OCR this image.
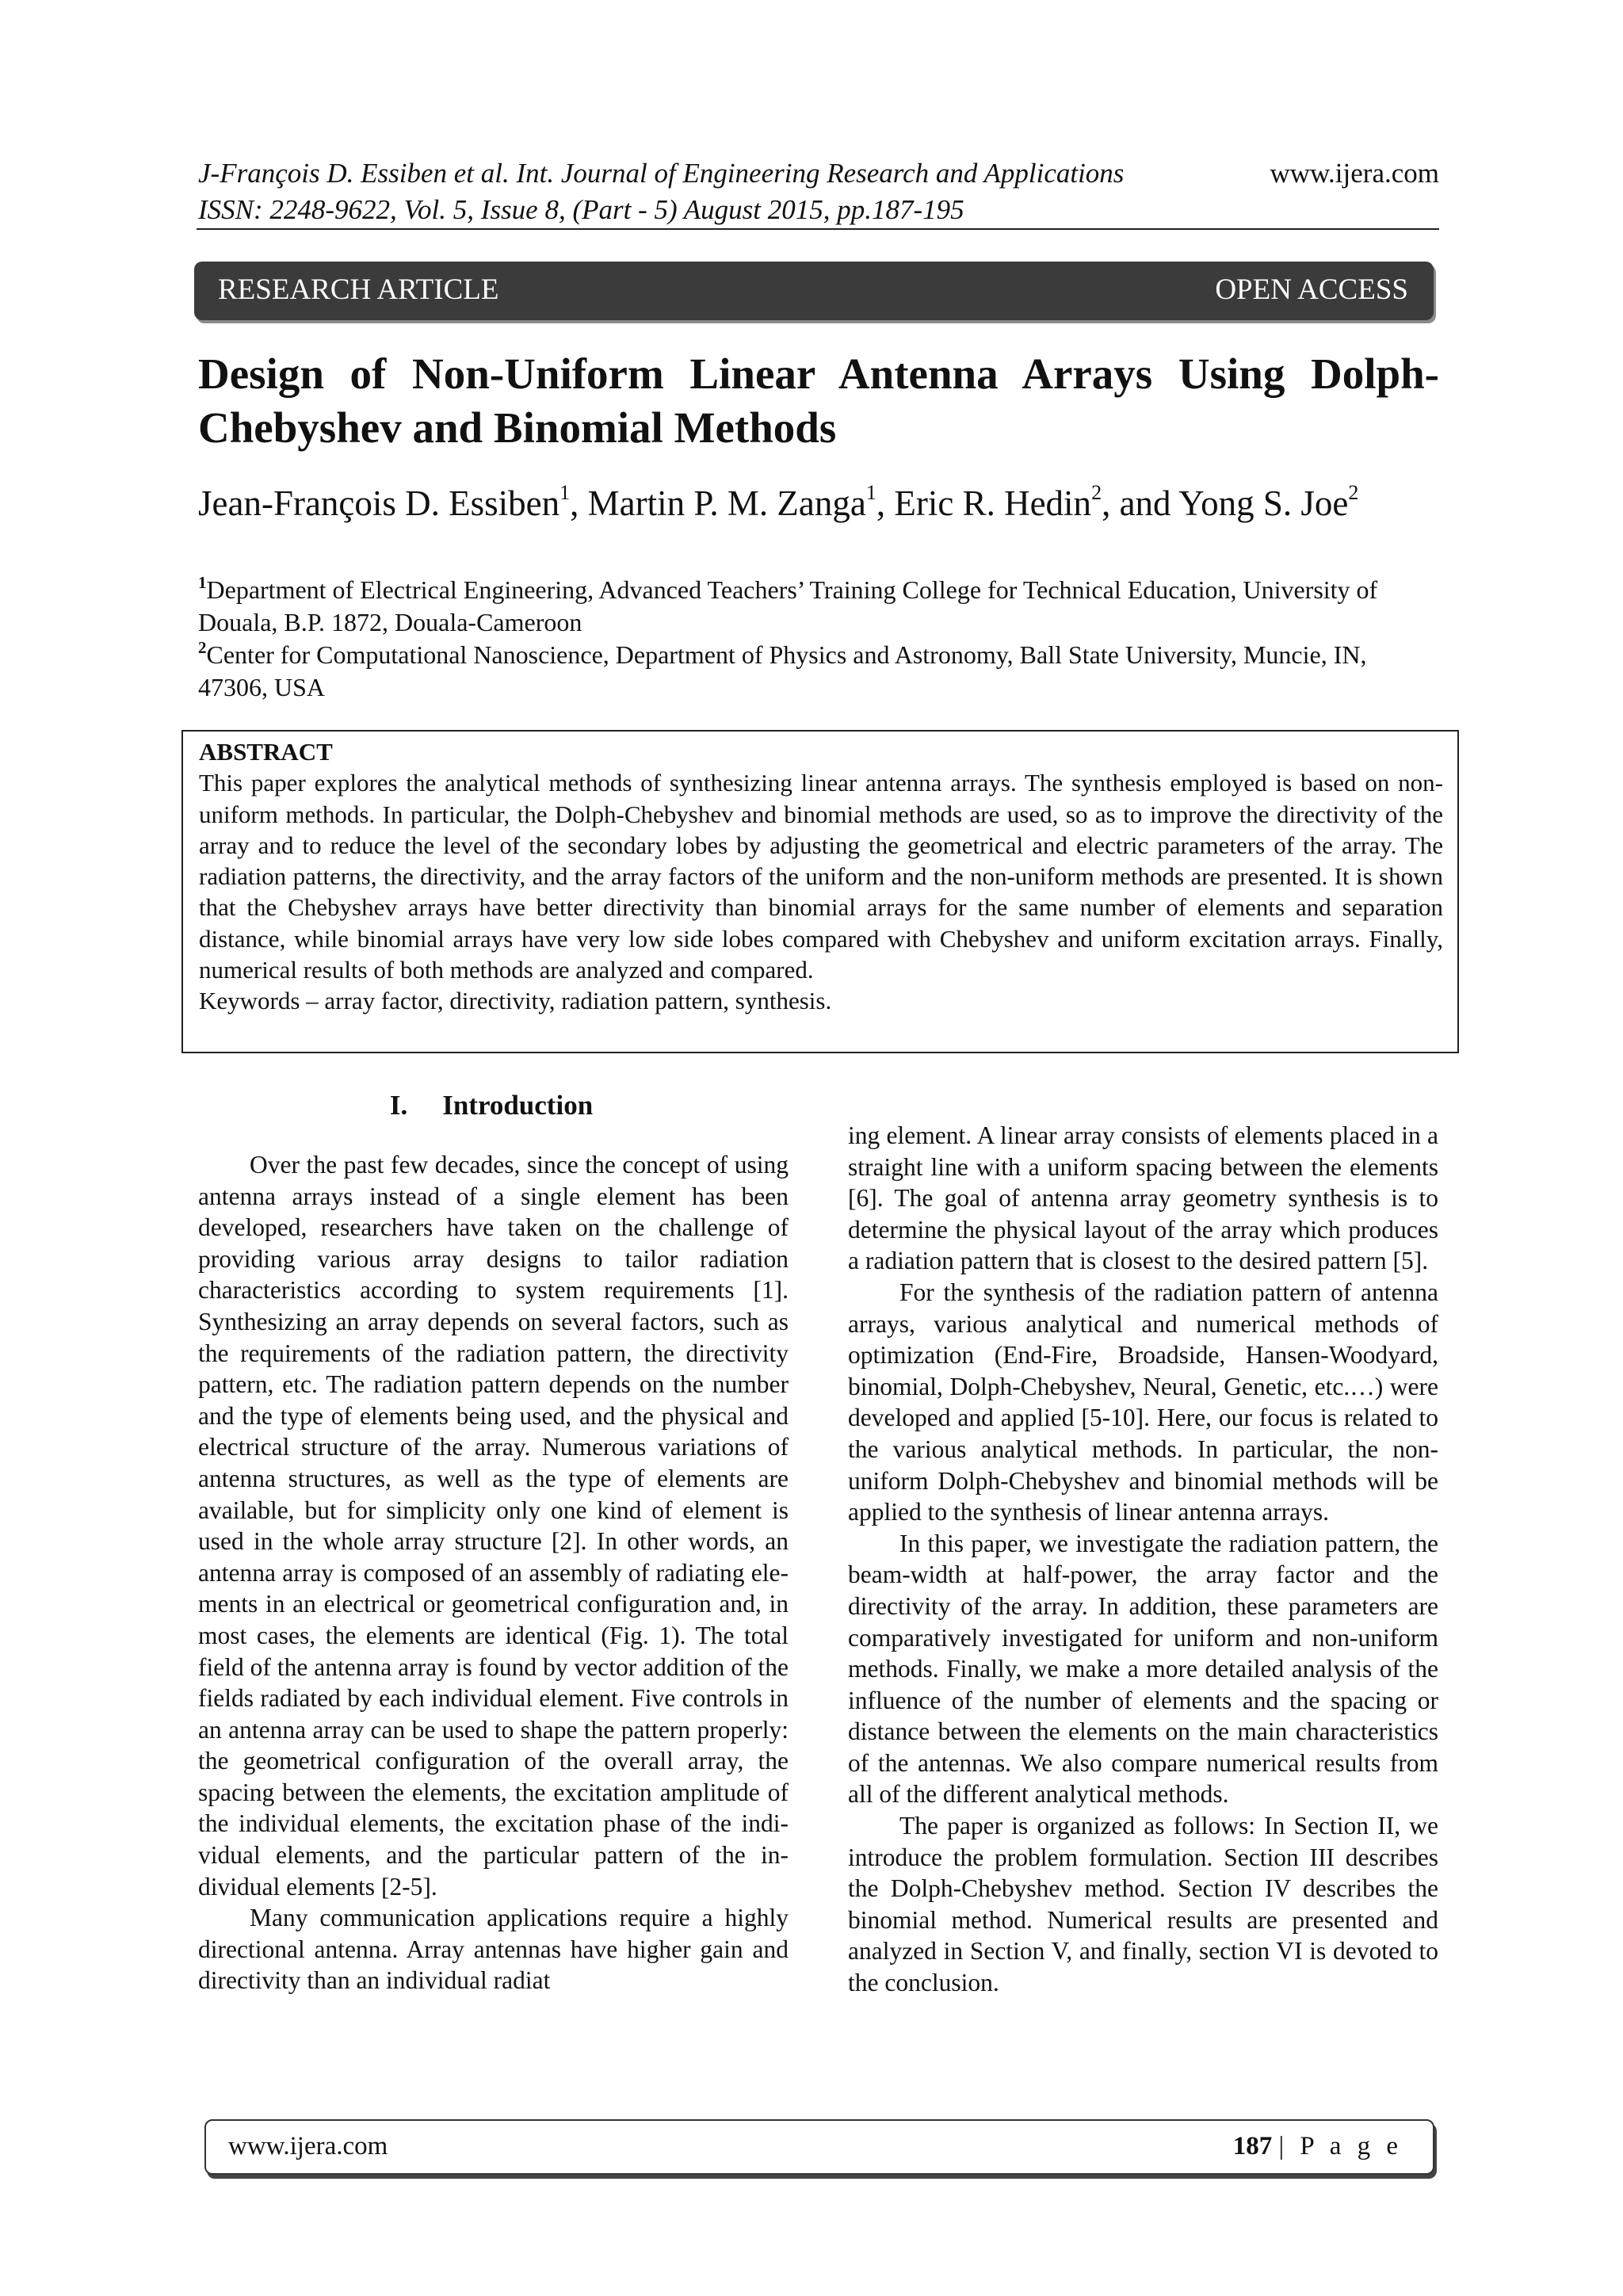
J-François D. Essiben et al. Int. Journal of Engineering Research and Applications
ISSN: 2248-9622, Vol. 5, Issue 8, (Part - 5) August 2015, pp.187-195
www.ijera.com
RESEARCH ARTICLE	OPEN ACCESS
Design of Non-Uniform Linear Antenna Arrays Using Dolph-Chebyshev and Binomial Methods
Jean-François D. Essiben$^1$, Martin P. M. Zanga$^1$, Eric R. Hedin$^2$, and Yong S. Joe$^2$
$^1$Department of Electrical Engineering, Advanced Teachers’ Training College for Technical Education, University of Douala, B.P. 1872, Douala-Cameroon
$^2$Center for Computational Nanoscience, Department of Physics and Astronomy, Ball State University, Muncie, IN, 47306, USA
ABSTRACT
This paper explores the analytical methods of synthesizing linear antenna arrays. The synthesis employed is based on non-uniform methods. In particular, the Dolph-Chebyshev and binomial methods are used, so as to improve the directivity of the array and to reduce the level of the secondary lobes by adjusting the geometrical and electric parameters of the array. The radiation patterns, the directivity, and the array factors of the uniform and the non-uniform methods are presented. It is shown that the Chebyshev arrays have better directivity than binomial arrays for the same number of elements and separation distance, while binomial arrays have very low side lobes compared with Chebyshev and uniform excitation arrays. Finally, numerical results of both methods are analyzed and compared.
Keywords – array factor, directivity, radiation pattern, synthesis.
I. Introduction

Over the past few decades, since the concept of using antenna arrays instead of a single element has been developed, researchers have taken on the challenge of providing various array designs to tailor radiation characteristics according to system requirements [1]. Synthesizing an array depends on several factors, such as the requirements of the radiation pattern, the directivity pattern, etc. The radiation pattern depends on the number and the type of elements being used, and the physical and electrical structure of the array. Numerous variations of antenna structures, as well as the type of elements are available, but for simplicity only one kind of element is used in the whole array structure [2]. In other words, an antenna array is composed of an assembly of radiating elements in an electrical or geometrical configuration and, in most cases, the elements are identical (Fig. 1). The total field of the antenna array is found by vector addition of the fields radiated by each individual element. Five controls in an antenna array can be used to shape the pattern properly: the geometrical configuration of the overall array, the spacing between the elements, the excitation amplitude of the individual elements, the excitation phase of the individual elements, and the particular pattern of the individual elements [2-5].

Many communication applications require a highly directional antenna. Array antennas have higher gain and directivity than an individual radiat

ing element. A linear array consists of elements placed in a straight line with a uniform spacing between the elements [6]. The goal of antenna array geometry synthesis is to determine the physical layout of the array which produces a radiation pattern that is closest to the desired pattern [5].

For the synthesis of the radiation pattern of antenna arrays, various analytical and numerical methods of optimization (End-Fire, Broadside, Hansen-Woodyard, binomial, Dolph-Chebyshev, Neural, Genetic, etc.…) were developed and applied [5-10]. Here, our focus is related to the various analytical methods. In particular, the non-uniform Dolph-Chebyshev and binomial methods will be applied to the synthesis of linear antenna arrays.

In this paper, we investigate the radiation pattern, the beam-width at half-power, the array factor and the directivity of the array. In addition, these parameters are comparatively investigated for uniform and non-uniform methods. Finally, we make a more detailed analysis of the influence of the number of elements and the spacing or distance between the elements on the main characteristics of the antennas. We also compare numerical results from all of the different analytical methods.

The paper is organized as follows: In Section II, we introduce the problem formulation. Section III describes the Dolph-Chebyshev method. Section IV describes the binomial method. Numerical results are presented and analyzed in Section V, and finally, section VI is devoted to the conclusion.

www.ijera.com	187 | P a g e
